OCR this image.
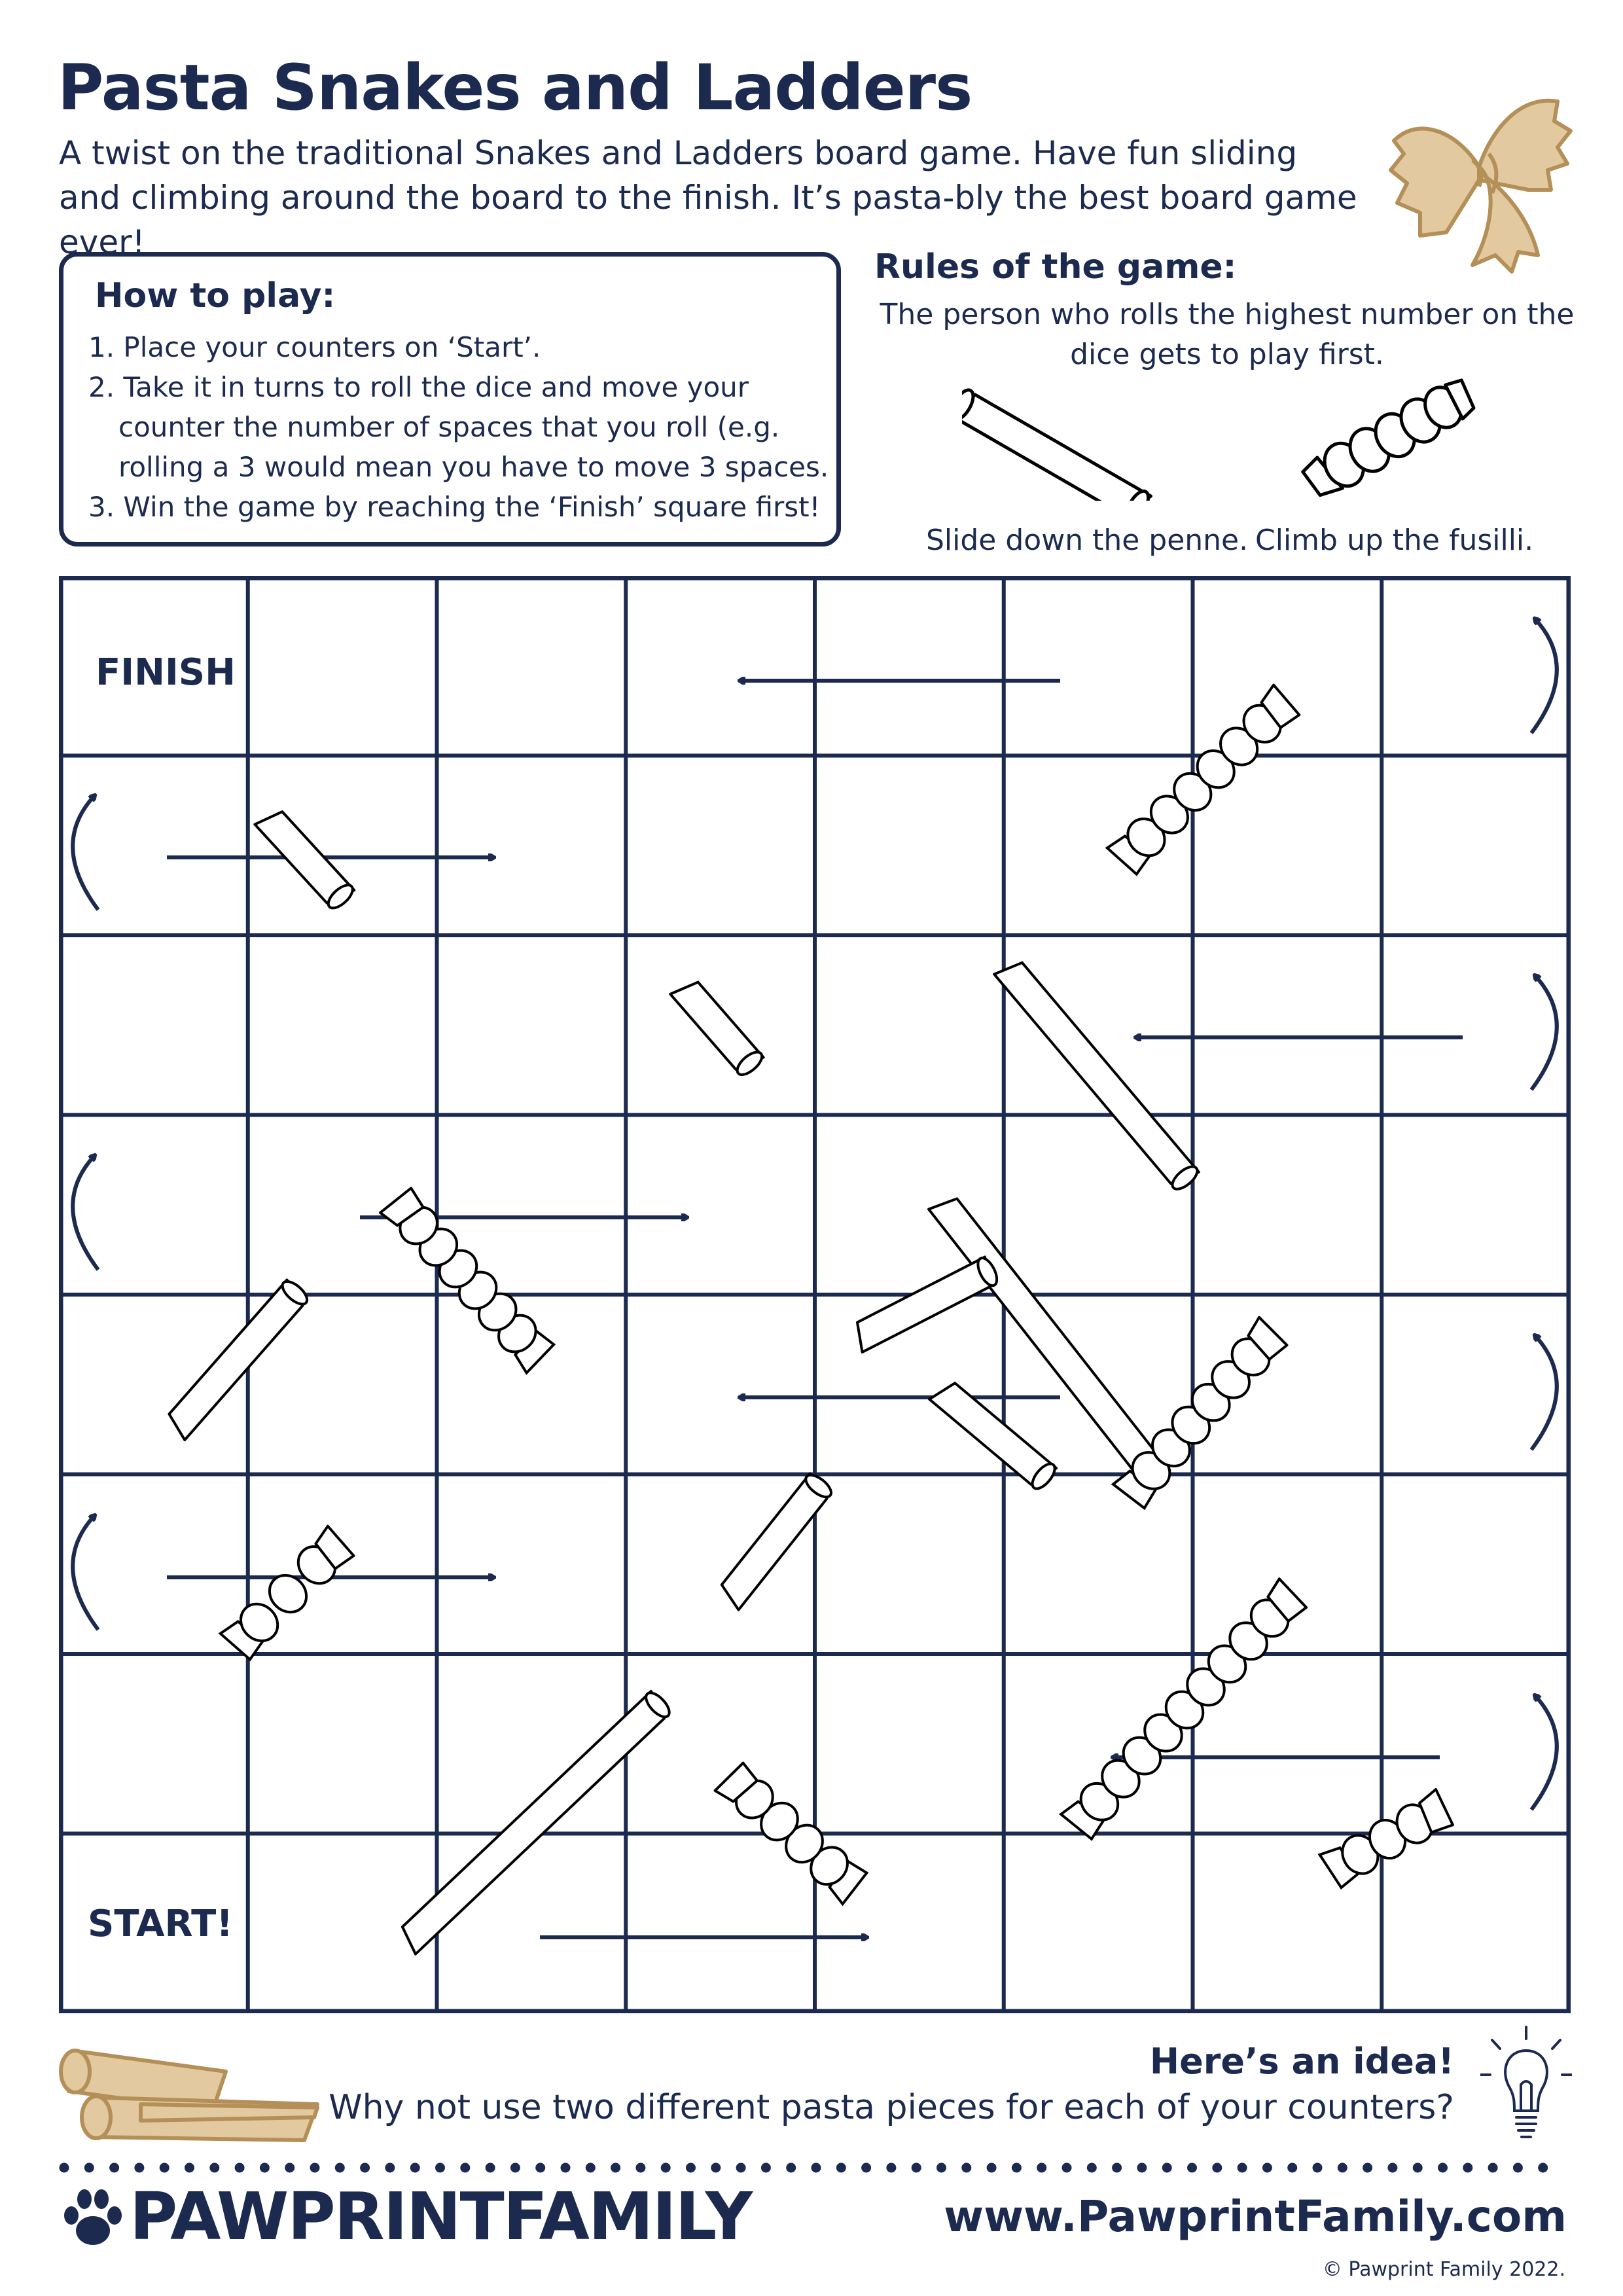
Pasta Snakes and Ladders
A twist on the traditional Snakes and Ladders board game. Have fun sliding and climbing around the board to the finish. It’s pasta-bly the best board game ever!
How to play:
1. Place your counters on ‘Start’.
2. Take it in turns to roll the dice and move your counter the number of spaces that you roll (e.g. rolling a 3 would mean you have to move 3 spaces.
3. Win the game by reaching the ‘Finish’ square first!
Rules of the game:
The person who rolls the highest number on the dice gets to play first.
Slide down the penne. Climb up the fusilli.
FINISH
START!
Here’s an idea!
Why not use two different pasta pieces for each of your counters?
PAWPRINTFAMILY	www.PawprintFamily.com
© Pawprint Family 2022.
